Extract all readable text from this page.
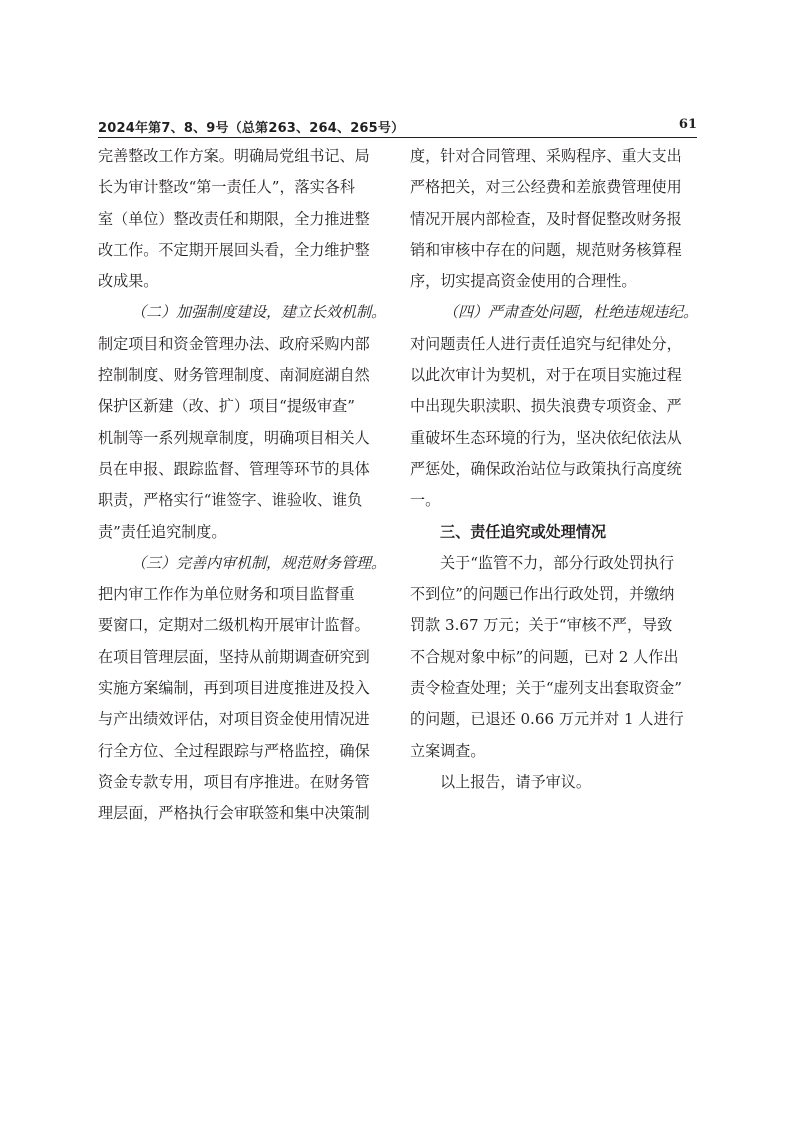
2024年第7、8、9号（总第263、264、265号）	61
完善整改工作方案。明确局党组书记、局
长为审计整改“第一责任人”，落实各科
室（单位）整改责任和期限，全力推进整
改工作。不定期开展回头看，全力维护整
改成果。
（二）加强制度建设，建立长效机制。
制定项目和资金管理办法、政府采购内部
控制制度、财务管理制度、南洞庭湖自然
保护区新建（改、扩）项目“提级审查”
机制等一系列规章制度，明确项目相关人
员在申报、跟踪监督、管理等环节的具体
职责，严格实行“谁签字、谁验收、谁负
责”责任追究制度。
（三）完善内审机制，规范财务管理。
把内审工作作为单位财务和项目监督重
要窗口，定期对二级机构开展审计监督。
在项目管理层面，坚持从前期调查研究到
实施方案编制，再到项目进度推进及投入
与产出绩效评估，对项目资金使用情况进
行全方位、全过程跟踪与严格监控，确保
资金专款专用，项目有序推进。在财务管
理层面，严格执行会审联签和集中决策制
度，针对合同管理、采购程序、重大支出
严格把关，对三公经费和差旅费管理使用
情况开展内部检查，及时督促整改财务报
销和审核中存在的问题，规范财务核算程
序，切实提高资金使用的合理性。
（四）严肃查处问题，杜绝违规违纪。
对问题责任人进行责任追究与纪律处分，
以此次审计为契机，对于在项目实施过程
中出现失职渎职、损失浪费专项资金、严
重破坏生态环境的行为，坚决依纪依法从
严惩处，确保政治站位与政策执行高度统
一。
三、责任追究或处理情况
关于“监管不力，部分行政处罚执行
不到位”的问题已作出行政处罚，并缴纳
罚款 3.67 万元；关于“审核不严，导致
不合规对象中标”的问题，已对 2 人作出
责令检查处理；关于“虚列支出套取资金”
的问题，已退还 0.66 万元并对 1 人进行
立案调查。
以上报告，请予审议。
